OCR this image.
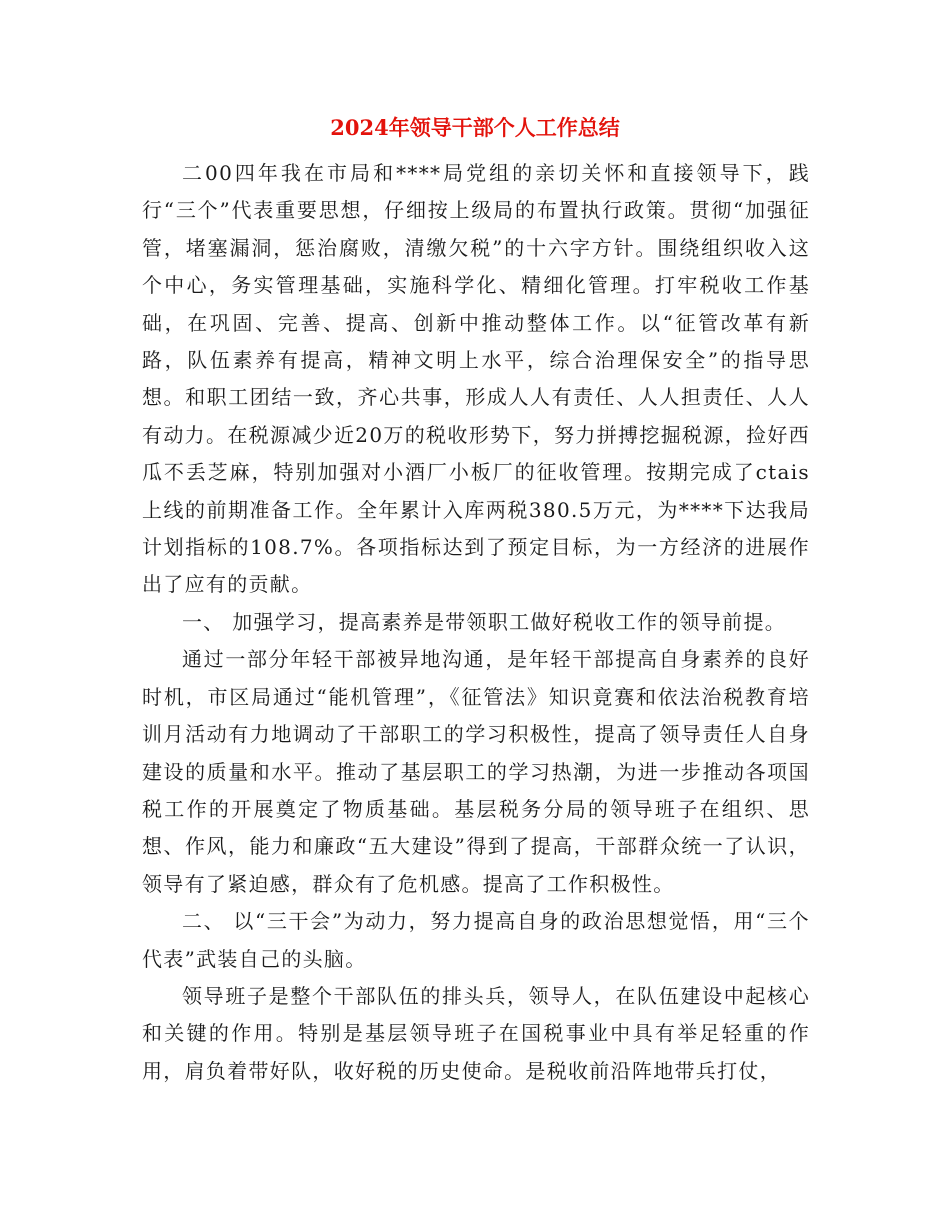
2024年领导干部个人工作总结

二00四年我在市局和****局党组的亲切关怀和直接领导下，践行“三个”代表重要思想，仔细按上级局的布置执行政策。贯彻“加强征管，堵塞漏洞，惩治腐败，清缴欠税”的十六字方针。围绕组织收入这个中心，务实管理基础，实施科学化、精细化管理。打牢税收工作基础，在巩固、完善、提高、创新中推动整体工作。以“征管改革有新路，队伍素养有提高，精神文明上水平，综合治理保安全”的指导思想。和职工团结一致，齐心共事，形成人人有责任、人人担责任、人人有动力。在税源减少近20万的税收形势下，努力拼搏挖掘税源，捡好西瓜不丢芝麻，特别加强对小酒厂小板厂的征收管理。按期完成了ctais上线的前期准备工作。全年累计入库两税380.5万元，为****下达我局计划指标的108.7%。各项指标达到了预定目标，为一方经济的进展作出了应有的贡献。

一、 加强学习，提高素养是带领职工做好税收工作的领导前提。

通过一部分年轻干部被异地沟通，是年轻干部提高自身素养的良好时机，市区局通过“能机管理”，《征管法》知识竟赛和依法治税教育培训月活动有力地调动了干部职工的学习积极性，提高了领导责任人自身建设的质量和水平。推动了基层职工的学习热潮，为进一步推动各项国税工作的开展奠定了物质基础。基层税务分局的领导班子在组织、思想、作风，能力和廉政“五大建设”得到了提高，干部群众统一了认识，领导有了紧迫感，群众有了危机感。提高了工作积极性。

二、 以“三干会”为动力，努力提高自身的政治思想觉悟，用“三个代表”武装自己的头脑。

领导班子是整个干部队伍的排头兵，领导人，在队伍建设中起核心和关键的作用。特别是基层领导班子在国税事业中具有举足轻重的作用，肩负着带好队，收好税的历史使命。是税收前沿阵地带兵打仗，
